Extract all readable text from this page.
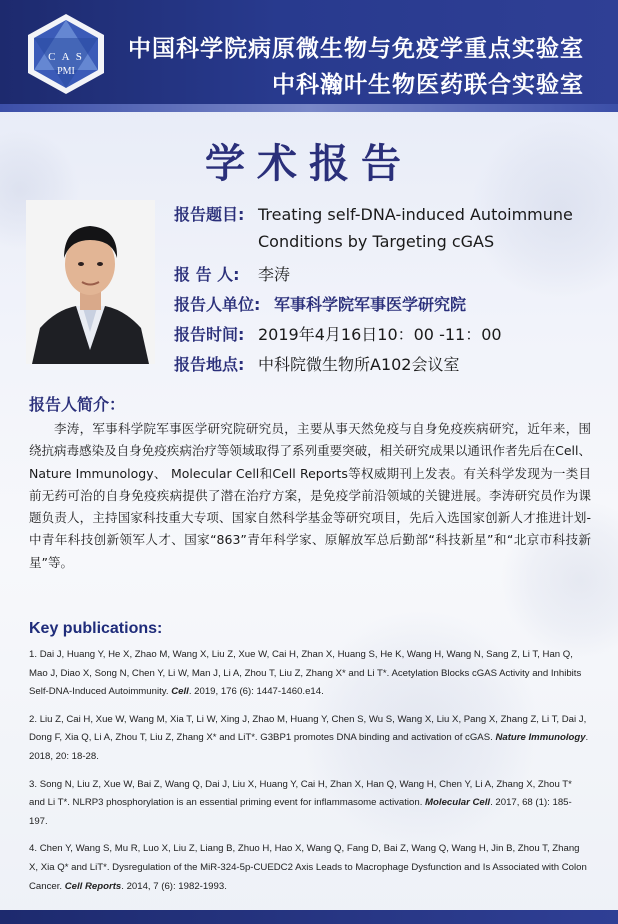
C A S
PMI
中国科学院病原微生物与免疫学重点实验室
中科瀚叶生物医药联合实验室
学术报告
报告题目: Treating self-DNA-induced Autoimmune
Conditions by Targeting cGAS
报 告 人: 李涛
报告人单位: 军事科学院军事医学研究院
报告时间: 2019年4月16日10：00 -11：00
报告地点: 中科院微生物所A102会议室
报告人简介：
李涛，军事科学院军事医学研究院研究员，主要从事天然免疫与自身免疫疾病研究，近年来，围绕抗病毒感染及自身免疫疾病治疗等领域取得了系列重要突破，相关研究成果以通讯作者先后在Cell、Nature Immunology、 Molecular Cell和Cell Reports等权威期刊上发表。有关科学发现为一类目前无药可治的自身免疫疾病提供了潜在治疗方案，是免疫学前沿领域的关键进展。李涛研究员作为课题负责人，主持国家科技重大专项、国家自然科学基金等研究项目，先后入选国家创新人才推进计划-中青年科技创新领军人才、国家“863”青年科学家、原解放军总后勤部“科技新星”和“北京市科技新星”等。
Key publications:
1. Dai J, Huang Y, He X, Zhao M, Wang X, Liu Z, Xue W, Cai H, Zhan X, Huang S, He K, Wang H, Wang N, Sang Z, Li T, Han Q, Mao J, Diao X, Song N, Chen Y, Li W, Man J, Li A, Zhou T, Liu Z, Zhang X* and Li T*. Acetylation Blocks cGAS Activity and Inhibits Self-DNA-Induced Autoimmunity. Cell. 2019, 176 (6): 1447-1460.e14.
2. Liu Z, Cai H, Xue W, Wang M, Xia T, Li W, Xing J, Zhao M, Huang Y, Chen S, Wu S, Wang X, Liu X, Pang X, Zhang Z, Li T, Dai J, Dong F, Xia Q, Li A, Zhou T, Liu Z, Zhang X* and LiT*. G3BP1 promotes DNA binding and activation of cGAS. Nature Immunology. 2018, 20: 18-28.
3. Song N, Liu Z, Xue W, Bai Z, Wang Q, Dai J, Liu X, Huang Y, Cai H, Zhan X, Han Q, Wang H, Chen Y, Li A, Zhang X, Zhou T* and Li T*. NLRP3 phosphorylation is an essential priming event for inflammasome activation. Molecular Cell. 2017, 68 (1): 185-197.
4. Chen Y, Wang S, Mu R, Luo X, Liu Z, Liang B, Zhuo H, Hao X, Wang Q, Fang D, Bai Z, Wang Q, Wang H, Jin B, Zhou T, Zhang X, Xia Q* and LiT*. Dysregulation of the MiR-324-5p-CUEDC2 Axis Leads to Macrophage Dysfunction and Is Associated with Colon Cancer. Cell Reports. 2014, 7 (6): 1982-1993.
